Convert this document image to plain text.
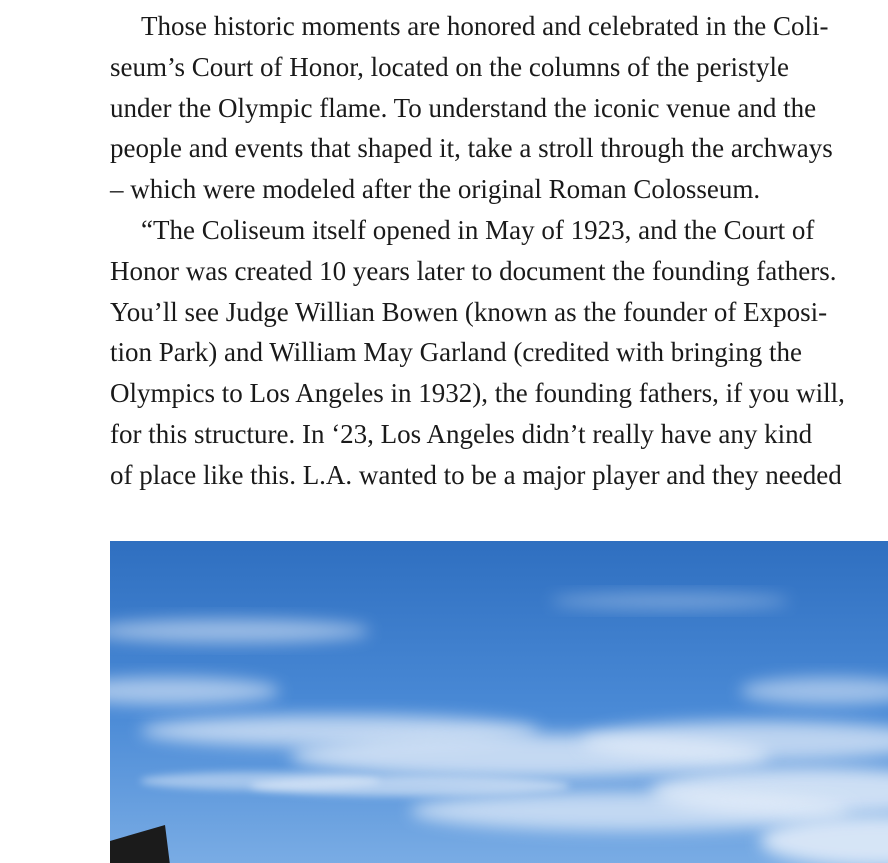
Those historic moments are honored and celebrated in the Coli-
seum’s Court of Honor, located on the columns of the peristyle
under the Olympic flame. To understand the iconic venue and the
people and events that shaped it, take a stroll through the archways
– which were modeled after the original Roman Colosseum.
“The Coliseum itself opened in May of 1923, and the Court of
Honor was created 10 years later to document the founding fathers.
You’ll see Judge Willian Bowen (known as the founder of Exposi-
tion Park) and William May Garland (credited with bringing the
Olympics to Los Angeles in 1932), the founding fathers, if you will,
for this structure. In ‘23, Los Angeles didn’t really have any kind
of place like this. L.A. wanted to be a major player and they needed
